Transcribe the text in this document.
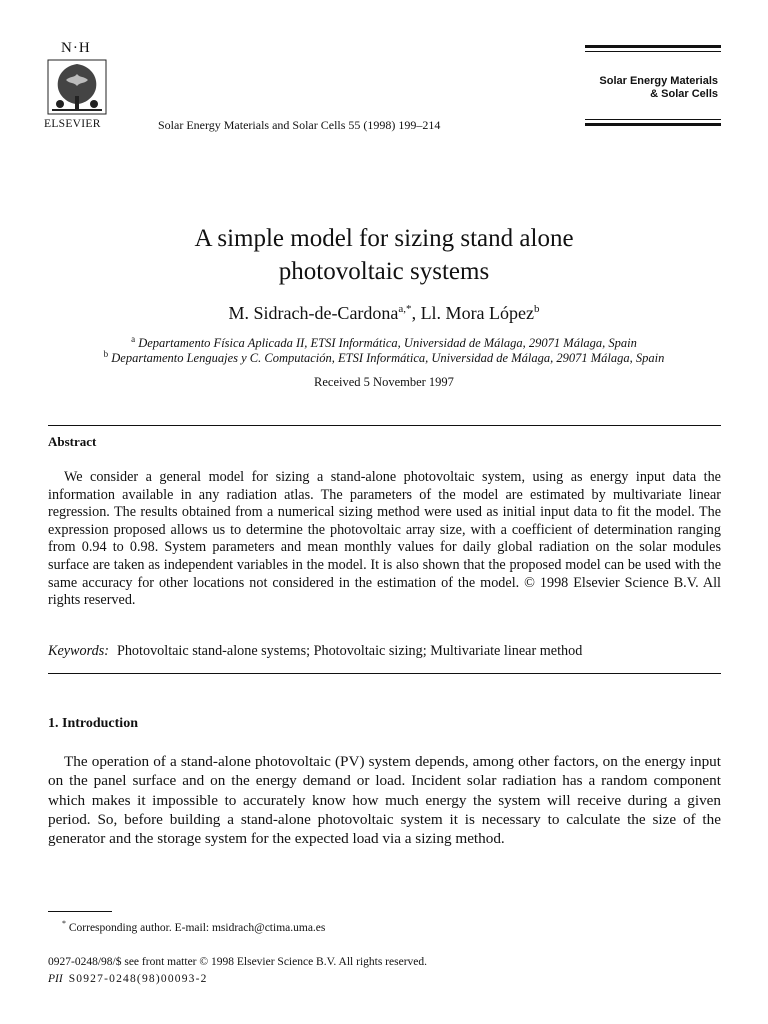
N·H
ELSEVIER	Solar Energy Materials and Solar Cells 55 (1998) 199–214
Solar Energy Materials
& Solar Cells
A simple model for sizing stand alone
photovoltaic systems
M. Sidrach-de-Cardona$^{a,*}$, Ll. Mora López$^b$
$^a$ Departamento Física Aplicada II, ETSI Informática, Universidad de Málaga, 29071 Málaga, Spain
$^b$ Departamento Lenguajes y C. Computación, ETSI Informática, Universidad de Málaga, 29071 Málaga, Spain
Received 5 November 1997
Abstract
We consider a general model for sizing a stand-alone photovoltaic system, using as energy input data the information available in any radiation atlas. The parameters of the model are estimated by multivariate linear regression. The results obtained from a numerical sizing method were used as initial input data to fit the model. The expression proposed allows us to determine the photovoltaic array size, with a coefficient of determination ranging from 0.94 to 0.98. System parameters and mean monthly values for daily global radiation on the solar modules surface are taken as independent variables in the model. It is also shown that the proposed model can be used with the same accuracy for other locations not considered in the estimation of the model. © 1998 Elsevier Science B.V. All rights reserved.
Keywords: Photovoltaic stand-alone systems; Photovoltaic sizing; Multivariate linear method
1. Introduction
The operation of a stand-alone photovoltaic (PV) system depends, among other factors, on the energy input on the panel surface and on the energy demand or load. Incident solar radiation has a random component which makes it impossible to accurately know how much energy the system will receive during a given period. So, before building a stand-alone photovoltaic system it is necessary to calculate the size of the generator and the storage system for the expected load via a sizing method.
* Corresponding author. E-mail: msidrach@ctima.uma.es
0927-0248/98/$ see front matter © 1998 Elsevier Science B.V. All rights reserved.
PII S0927-0248(98)00093-2
